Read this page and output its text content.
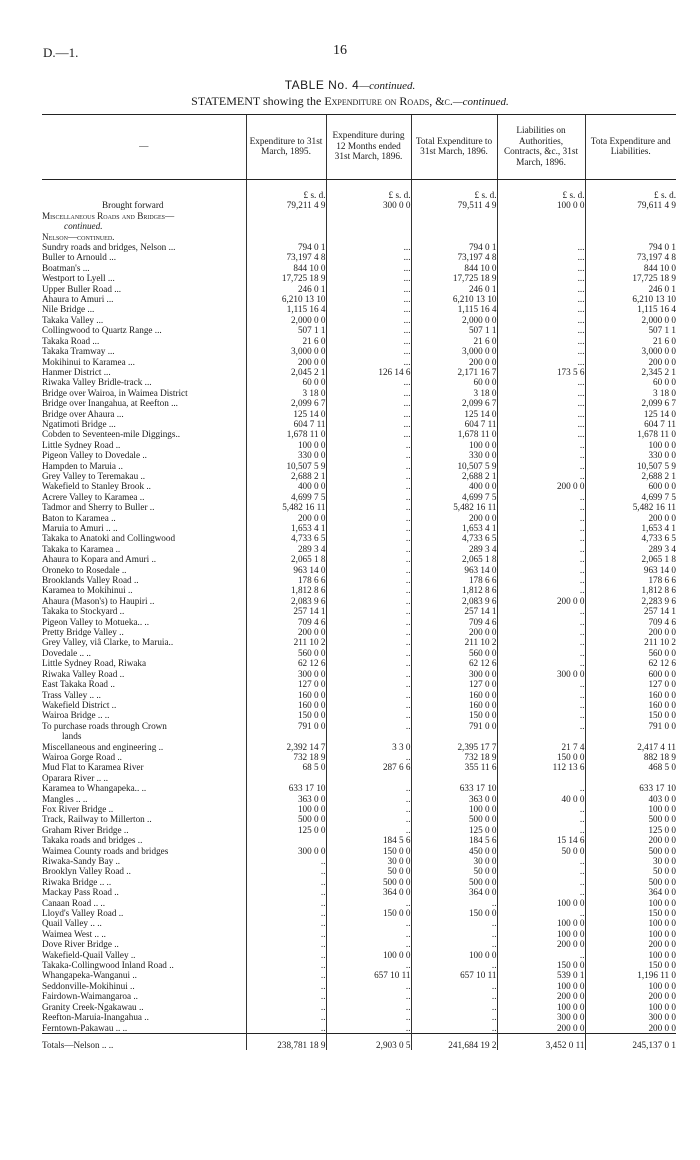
D.—1.	16
TABLE No. 4—continued.
STATEMENT showing the Expenditure on Roads, &c.—continued.
—	Expenditure to 31st March, 1895.	Expenditure during 12 Months ended 31st March, 1896.	Total Expenditure to 31st March, 1896.	Liabilities on Authorities, Contracts, &c., 31st March, 1896.	Tota Expenditure and Liabilities.
	£ s. d.	£ s. d.	£ s. d.	£ s. d.	£ s. d.
Brought forward	79,211 4 9	300 0 0	79,511 4 9	100 0 0	79,611 4 9
Miscellaneous Roads and Bridges—					
continued.					
Nelson—continued.					
Sundry roads and bridges, Nelson ...	794 0 1	...	794 0 1	...	794 0 1
Buller to Arnould ...	73,197 4 8	...	73,197 4 8	...	73,197 4 8
Boatman's ...	844 10 0	...	844 10 0	...	844 10 0
Westport to Lyell ...	17,725 18 9	...	17,725 18 9	...	17,725 18 9
Upper Buller Road ...	246 0 1	...	246 0 1	...	246 0 1
Ahaura to Amuri ...	6,210 13 10	...	6,210 13 10	...	6,210 13 10
Nile Bridge ...	1,115 16 4	...	1,115 16 4	...	1,115 16 4
Takaka Valley ...	2,000 0 0	...	2,000 0 0	...	2,000 0 0
Collingwood to Quartz Range ...	507 1 1	...	507 1 1	...	507 1 1
Takaka Road ...	21 6 0	...	21 6 0	...	21 6 0
Takaka Tramway ...	3,000 0 0	...	3,000 0 0	...	3,000 0 0
Mokihinui to Karamea ...	200 0 0	...	200 0 0	...	200 0 0
Hanmer District ...	2,045 2 1	126 14 6	2,171 16 7	173 5 6	2,345 2 1
Riwaka Valley Bridle-track ...	60 0 0	...	60 0 0	...	60 0 0
Bridge over Wairoa, in Waimea District	3 18 0	...	3 18 0	...	3 18 0
Bridge over Inangahua, at Reefton ...	2,099 6 7	...	2,099 6 7	...	2,099 6 7
Bridge over Ahaura ...	125 14 0	...	125 14 0	...	125 14 0
Ngatimoti Bridge ...	604 7 11	...	604 7 11	...	604 7 11
Cobden to Seventeen-mile Diggings..	1,678 11 0	...	1,678 11 0	...	1,678 11 0
Little Sydney Road ..	100 0 0	..	100 0 0	..	100 0 0
Pigeon Valley to Dovedale ..	330 0 0	..	330 0 0	..	330 0 0
Hampden to Maruia ..	10,507 5 9	..	10,507 5 9	..	10,507 5 9
Grey Valley to Teremakau ..	2,688 2 1	..	2,688 2 1	..	2,688 2 1
Wakefield to Stanley Brook ..	400 0 0	..	400 0 0	200 0 0	600 0 0
Acrere Valley to Karamea ..	4,699 7 5	..	4,699 7 5	..	4,699 7 5
Tadmor and Sherry to Buller ..	5,482 16 11	..	5,482 16 11	..	5,482 16 11
Baton to Karamea ..	200 0 0	..	200 0 0	..	200 0 0
Maruia to Amuri .. ..	1,653 4 1	..	1,653 4 1	..	1,653 4 1
Takaka to Anatoki and Collingwood	4,733 6 5	..	4,733 6 5	..	4,733 6 5
Takaka to Karamea ..	289 3 4	..	289 3 4	..	289 3 4
Ahaura to Kopara and Amuri ..	2,065 1 8	..	2,065 1 8	..	2,065 1 8
Oroneko to Rosedale ..	963 14 0	..	963 14 0	..	963 14 0
Brooklands Valley Road ..	178 6 6	..	178 6 6	..	178 6 6
Karamea to Mokihinui ..	1,812 8 6	..	1,812 8 6	..	1,812 8 6
Ahaura (Mason's) to Haupiri ..	2,083 9 6	..	2,083 9 6	200 0 0	2,283 9 6
Takaka to Stockyard ..	257 14 1	..	257 14 1	..	257 14 1
Pigeon Valley to Motueka.. ..	709 4 6	..	709 4 6	..	709 4 6
Pretty Bridge Valley ..	200 0 0	..	200 0 0	..	200 0 0
Grey Valley, viâ Clarke, to Maruia..	211 10 2	..	211 10 2	..	211 10 2
Dovedale .. ..	560 0 0	..	560 0 0	..	560 0 0
Little Sydney Road, Riwaka	62 12 6	..	62 12 6	..	62 12 6
Riwaka Valley Road ..	300 0 0	..	300 0 0	300 0 0	600 0 0
East Takaka Road ..	127 0 0	..	127 0 0	..	127 0 0
Trass Valley .. ..	160 0 0	..	160 0 0	..	160 0 0
Wakefield District ..	160 0 0	..	160 0 0	..	160 0 0
Wairoa Bridge .. ..	150 0 0	..	150 0 0	..	150 0 0
To purchase roads through Crown	791 0 0	..	791 0 0	..	791 0 0
lands					
Miscellaneous and engineering ..	2,392 14 7	3 3 0	2,395 17 7	21 7 4	2,417 4 11
Wairoa Gorge Road ..	732 18 9	..	732 18 9	150 0 0	882 18 9
Mud Flat to Karamea River	68 5 0	287 6 6	355 11 6	112 13 6	468 5 0
Oparara River .. ..					
Karamea to Whangapeka.. ..	633 17 10	..	633 17 10	..	633 17 10
Mangles .. ..	363 0 0	..	363 0 0	40 0 0	403 0 0
Fox River Bridge ..	100 0 0	..	100 0 0	..	100 0 0
Track, Railway to Millerton ..	500 0 0	..	500 0 0	..	500 0 0
Graham River Bridge ..	125 0 0	..	125 0 0	..	125 0 0
Takaka roads and bridges ..		184 5 6	184 5 6	15 14 6	200 0 0
Waimea County roads and bridges	300 0 0	150 0 0	450 0 0	50 0 0	500 0 0
Riwaka-Sandy Bay ..	..	30 0 0	30 0 0	..	30 0 0
Brooklyn Valley Road ..	..	50 0 0	50 0 0	..	50 0 0
Riwaka Bridge .. ..	..	500 0 0	500 0 0	..	500 0 0
Mackay Pass Road ..	..	364 0 0	364 0 0	..	364 0 0
Canaan Road .. ..	..	..	..	100 0 0	100 0 0
Lloyd's Valley Road ..	..	150 0 0	150 0 0	..	150 0 0
Quail Valley .. ..	..	..	..	100 0 0	100 0 0
Waimea West .. ..	..	..	..	100 0 0	100 0 0
Dove River Bridge ..	..	..	..	200 0 0	200 0 0
Wakefield-Quail Valley ..	..	100 0 0	100 0 0	..	100 0 0
Takaka-Collingwood Inland Road ..	..	..	..	150 0 0	150 0 0
Whangapeka-Wanganui ..	..	657 10 11	657 10 11	539 0 1	1,196 11 0
Seddonville-Mokihinui ..	..	..	..	100 0 0	100 0 0
Fairdown-Waimangaroa ..	..	..	..	200 0 0	200 0 0
Granity Creek-Ngakawau ..	..	..	..	100 0 0	100 0 0
Reefton-Maruia-Inangahua ..	..	..	..	300 0 0	300 0 0
Ferntown-Pakawau .. ..	..	..	..	200 0 0	200 0 0
Totals—Nelson .. ..	238,781 18 9	2,903 0 5	241,684 19 2	3,452 0 11	245,137 0 1
